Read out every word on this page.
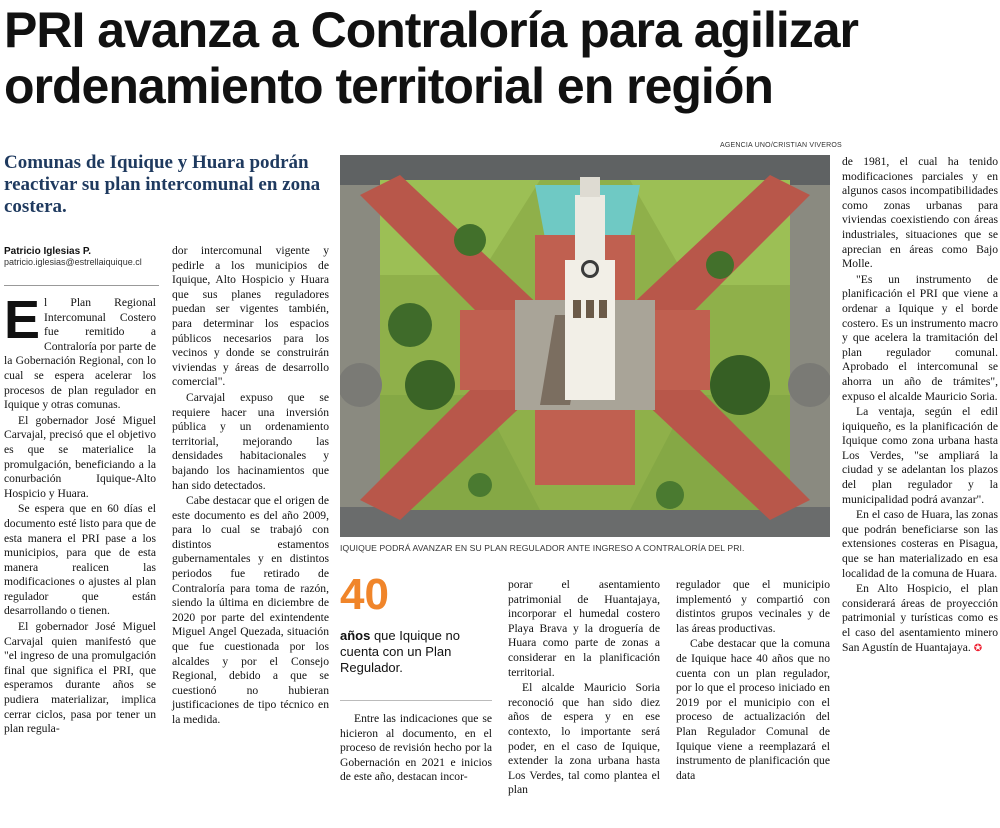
PRI avanza a Contraloría para agilizar ordenamiento territorial en región
AGENCIA UNO/CRISTIAN VIVEROS
Comunas de Iquique y Huara podrán reactivar su plan intercomunal en zona costera.
Patricio Iglesias P.
patricio.iglesias@estrellaiquique.cl

El Plan Regional Intercomunal Costero fue remitido a Contraloría por parte de la Gobernación Regional, con lo cual se espera acelerar los procesos de plan regulador en Iquique y otras comunas.

El gobernador José Miguel Carvajal, precisó que el objetivo es que se materialice la promulgación, beneficiando a la conurbación Iquique-Alto Hospicio y Huara.

Se espera que en 60 días el documento esté listo para que de esta manera el PRI pase a los municipios, para que de esta manera realicen las modificaciones o ajustes al plan regulador que están desarrollando o tienen.

El gobernador José Miguel Carvajal quien manifestó que "el ingreso de una promulgación final que significa el PRI, que esperamos durante años se pudiera materializar, implica cerrar ciclos, pasa por tener un plan regula-

dor intercomunal vigente y pedirle a los municipios de Iquique, Alto Hospicio y Huara que sus planes reguladores puedan ser vigentes también, para determinar los espacios públicos necesarios para los vecinos y donde se construirán viviendas y áreas de desarrollo comercial".

Carvajal expuso que se requiere hacer una inversión pública y un ordenamiento territorial, mejorando las densidades habitacionales y bajando los hacinamientos que han sido detectados.

Cabe destacar que el origen de este documento es del año 2009, para lo cual se trabajó con distintos estamentos gubernamentales y en distintos periodos fue retirado de Contraloría para toma de razón, siendo la última en diciembre de 2020 por parte del exintendente Miguel Angel Quezada, situación que fue cuestionada por los alcaldes y por el Consejo Regional, debido a que se cuestionó no hubieran justificaciones de tipo técnico en la medida.

IQUIQUE PODRÁ AVANZAR EN SU PLAN REGULADOR ANTE INGRESO A CONTRALORÍA DEL PRI.
40
años que Iquique no cuenta con un Plan Regulador.

Entre las indicaciones que se hicieron al documento, en el proceso de revisión hecho por la Gobernación en 2021 e inicios de este año, destacan incor-

porar el asentamiento patrimonial de Huantajaya, incorporar el humedal costero Playa Brava y la droguería de Huara como parte de zonas a considerar en la planificación territorial.

El alcalde Mauricio Soria reconoció que han sido diez años de espera y en ese contexto, lo importante será poder, en el caso de Iquique, extender la zona urbana hasta Los Verdes, tal como plantea el plan

regulador que el municipio implementó y compartió con distintos grupos vecinales y de las áreas productivas.

Cabe destacar que la comuna de Iquique hace 40 años que no cuenta con un plan regulador, por lo que el proceso iniciado en 2019 por el municipio con el proceso de actualización del Plan Regulador Comunal de Iquique viene a reemplazará el instrumento de planificación que data

de 1981, el cual ha tenido modificaciones parciales y en algunos casos incompatibilidades como zonas urbanas para viviendas coexistiendo con áreas industriales, situaciones que se aprecian en áreas como Bajo Molle.

"Es un instrumento de planificación el PRI que viene a ordenar a Iquique y el borde costero. Es un instrumento macro y que acelera la tramitación del plan regulador comunal. Aprobado el intercomunal se ahorra un año de trámites", expuso el alcalde Mauricio Soria.

La ventaja, según el edil iquiqueño, es la planificación de Iquique como zona urbana hasta Los Verdes, "se ampliará la ciudad y se adelantan los plazos del plan regulador y la municipalidad podrá avanzar".

En el caso de Huara, las zonas que podrán beneficiarse son las extensiones costeras en Pisagua, que se han materializado en esa localidad de la comuna de Huara.

En Alto Hospicio, el plan considerará áreas de proyección patrimonial y turísticas como es el caso del asentamiento minero San Agustín de Huantajaya. ✪
